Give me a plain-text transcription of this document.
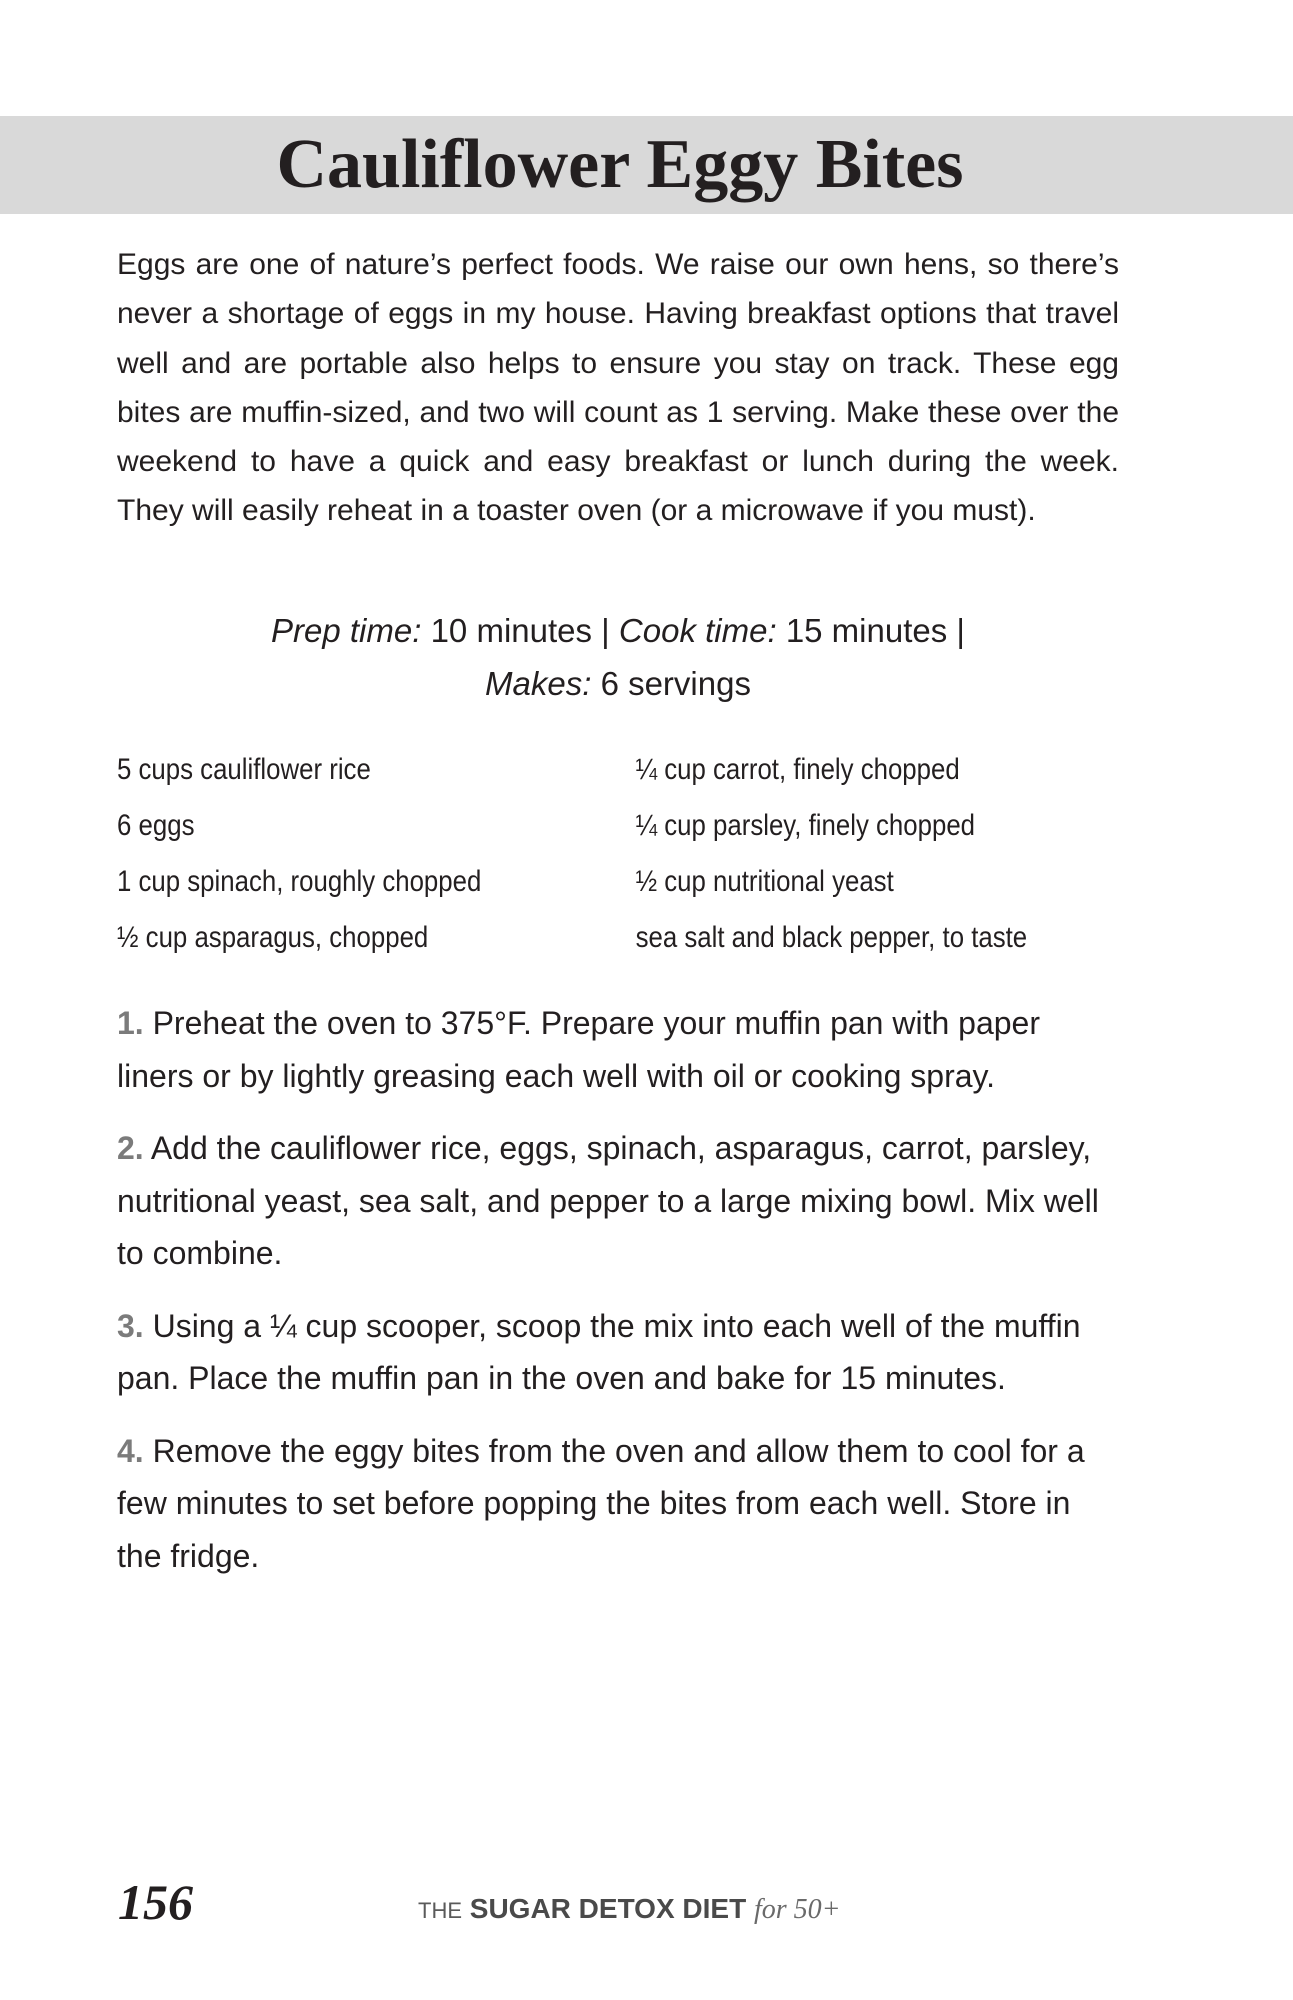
Cauliflower Eggy Bites

Eggs are one of nature’s perfect foods. We raise our own hens, so there’s never a shortage of eggs in my house. Having breakfast options that travel well and are portable also helps to ensure you stay on track. These egg bites are muffin-sized, and two will count as 1 serving. Make these over the weekend to have a quick and easy breakfast or lunch during the week. They will easily reheat in a toaster oven (or a microwave if you must).

Prep time: 10 minutes | Cook time: 15 minutes |
Makes: 6 servings
5 cups cauliflower rice
6 eggs
1 cup spinach, roughly chopped
½ cup asparagus, chopped
¼ cup carrot, finely chopped
¼ cup parsley, finely chopped
½ cup nutritional yeast
sea salt and black pepper, to taste

1. Preheat the oven to 375°F. Prepare your muffin pan with paper liners or by lightly greasing each well with oil or cooking spray.

2. Add the cauliflower rice, eggs, spinach, asparagus, carrot, parsley, nutritional yeast, sea salt, and pepper to a large mixing bowl. Mix well to combine.

3. Using a ¼ cup scooper, scoop the mix into each well of the muffin pan. Place the muffin pan in the oven and bake for 15 minutes.

4. Remove the eggy bites from the oven and allow them to cool for a few minutes to set before popping the bites from each well. Store in the fridge.

156	THE SUGAR DETOX DIET for 50+
